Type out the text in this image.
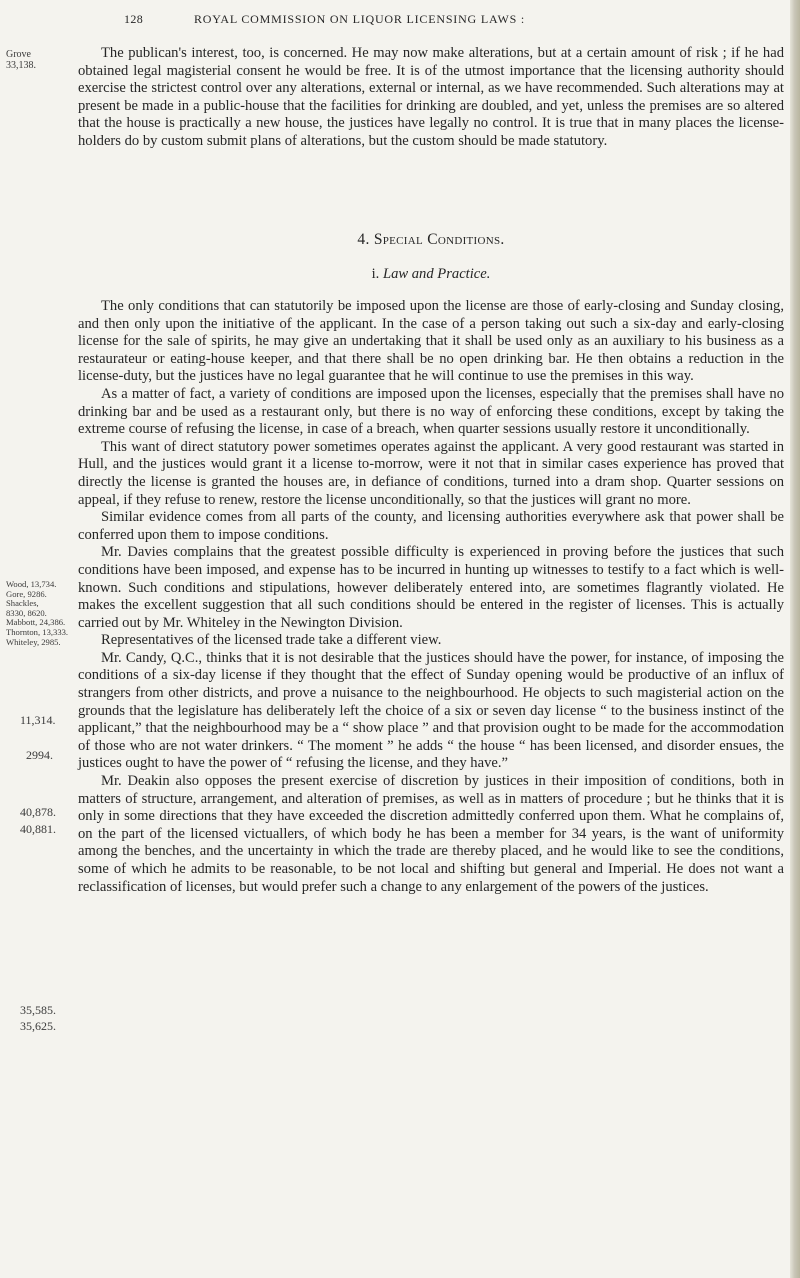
128	ROYAL COMMISSION ON LIQUOR LICENSING LAWS :
Grove
33,138.
Wood, 13,734.
Gore, 9286.
Shackles,
8330, 8620.
Mabbott, 24,386.
Thornton, 13,333.
Whiteley, 2985.
11,314.
2994.
40,878.
40,881.
35,585.
35,625.

The publican's interest, too, is concerned. He may now make alterations, but at a certain amount of risk ; if he had obtained legal magisterial consent he would be free. It is of the utmost importance that the licensing authority should exercise the strictest control over any alterations, external or internal, as we have recommended. Such alterations may at present be made in a public-house that the facilities for drinking are doubled, and yet, unless the premises are so altered that the house is practically a new house, the justices have legally no control. It is true that in many places the license-holders do by custom submit plans of alterations, but the custom should be made statutory.

4. Special Conditions.
i. Law and Practice.

The only conditions that can statutorily be imposed upon the license are those of early-closing and Sunday closing, and then only upon the initiative of the applicant. In the case of a person taking out such a six-day and early-closing license for the sale of spirits, he may give an undertaking that it shall be used only as an auxiliary to his business as a restaurateur or eating-house keeper, and that there shall be no open drinking bar. He then obtains a reduction in the license-duty, but the justices have no legal guarantee that he will continue to use the premises in this way.

As a matter of fact, a variety of conditions are imposed upon the licenses, especially that the premises shall have no drinking bar and be used as a restaurant only, but there is no way of enforcing these conditions, except by taking the extreme course of refusing the license, in case of a breach, when quarter sessions usually restore it unconditionally.

This want of direct statutory power sometimes operates against the applicant. A very good restaurant was started in Hull, and the justices would grant it a license to-morrow, were it not that in similar cases experience has proved that directly the license is granted the houses are, in defiance of conditions, turned into a dram shop. Quarter sessions on appeal, if they refuse to renew, restore the license unconditionally, so that the justices will grant no more.

Similar evidence comes from all parts of the county, and licensing authorities everywhere ask that power shall be conferred upon them to impose conditions.

Mr. Davies complains that the greatest possible difficulty is experienced in proving before the justices that such conditions have been imposed, and expense has to be incurred in hunting up witnesses to testify to a fact which is well-known. Such conditions and stipulations, however deliberately entered into, are sometimes flagrantly violated. He makes the excellent suggestion that all such conditions should be entered in the register of licenses. This is actually carried out by Mr. Whiteley in the Newington Division.

Representatives of the licensed trade take a different view.

Mr. Candy, Q.C., thinks that it is not desirable that the justices should have the power, for instance, of imposing the conditions of a six-day license if they thought that the effect of Sunday opening would be productive of an influx of strangers from other districts, and prove a nuisance to the neighbourhood. He objects to such magisterial action on the grounds that the legislature has deliberately left the choice of a six or seven day license “ to the business instinct of the applicant,” that the neighbourhood may be a “ show place ” and that provision ought to be made for the accommodation of those who are not water drinkers. “ The moment ” he adds “ the house “ has been licensed, and disorder ensues, the justices ought to have the power of “ refusing the license, and they have.”

Mr. Deakin also opposes the present exercise of discretion by justices in their imposition of conditions, both in matters of structure, arrangement, and alteration of premises, as well as in matters of procedure ; but he thinks that it is only in some directions that they have exceeded the discretion admittedly conferred upon them. What he complains of, on the part of the licensed victuallers, of which body he has been a member for 34 years, is the want of uniformity among the benches, and the uncertainty in which the trade are thereby placed, and he would like to see the conditions, some of which he admits to be reasonable, to be not local and shifting but general and Imperial. He does not want a reclassification of licenses, but would prefer such a change to any enlargement of the powers of the justices.
